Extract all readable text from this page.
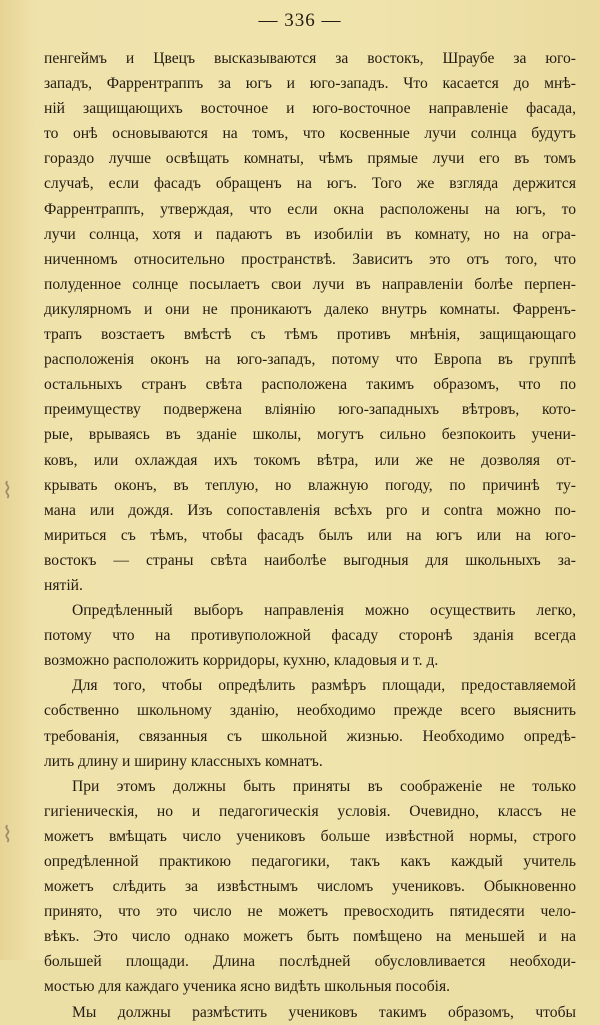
— 336 —
⌇
⌇
пенгеймъ и Цвецъ высказываются за востокъ, Шраубе за юго-
западъ, Фаррентраппъ за югъ и юго-западъ. Что касается до мнѣ-
ній защищающихъ восточное и юго-восточное направленіе фасада,
то онѣ основываются на томъ, что косвенные лучи солнца будутъ
гораздо лучше освѣщать комнаты, чѣмъ прямые лучи его въ томъ
случаѣ, если фасадъ обращенъ на югъ. Того же взгляда держится
Фаррентраппъ, утверждая, что если окна расположены на югъ, то
лучи солнца, хотя и падаютъ въ изобиліи въ комнату, но на огра-
ниченномъ относительно пространствѣ. Зависитъ это отъ того, что
полуденное солнце посылаетъ свои лучи въ направленіи болѣе перпен-
дикулярномъ и они не проникаютъ далеко внутрь комнаты. Фарренъ-
трапъ возстаетъ вмѣстѣ съ тѣмъ противъ мнѣнія, защищающаго
расположенія оконъ на юго-западъ, потому что Европа въ группѣ
остальныхъ странъ свѣта расположена такимъ образомъ, что по
преимуществу подвержена вліянію юго-западныхъ вѣтровъ, кото-
рые, врываясь въ зданіе школы, могутъ сильно безпокоить учени-
ковъ, или охлаждая ихъ токомъ вѣтра, или же не дозволяя от-
крывать оконъ, въ теплую, но влажную погоду, по причинѣ ту-
мана или дождя. Изъ сопоставленія всѣхъ рго и contra можно по-
мириться съ тѣмъ, чтобы фасадъ былъ или на югъ или на юго-
востокъ — страны свѣта наиболѣе выгодныя для школьныхъ за-
нятій.
Опредѣленный выборъ направленія можно осуществить легко,
потому что на противуположной фасаду сторонѣ зданія всегда
возможно расположить корридоры, кухню, кладовыя и т. д.
Для того, чтобы опредѣлить размѣръ площади, предоставляемой
собственно школьному зданію, необходимо прежде всего выяснить
требованія, связанныя съ школьной жизнью. Необходимо опредѣ-
лить длину и ширину классныхъ комнатъ.
При этомъ должны быть приняты въ соображеніе не только
гигіеническія, но и педагогическія условія. Очевидно, классъ не
можетъ вмѣщать число учениковъ больше извѣстной нормы, строго
опредѣленной практикою педагогики, такъ какъ каждый учитель
можетъ слѣдить за извѣстнымъ числомъ учениковъ. Обыкновенно
принято, что это число не можетъ превосходить пятидесяти чело-
вѣкъ. Это число однако можетъ быть помѣщено на меньшей и на
большей площади. Длина послѣдней обусловливается необходи-
мостью для каждаго ученика ясно видѣть школьныя пособія.
Мы должны размѣстить учениковъ такимъ образомъ, чтобы
